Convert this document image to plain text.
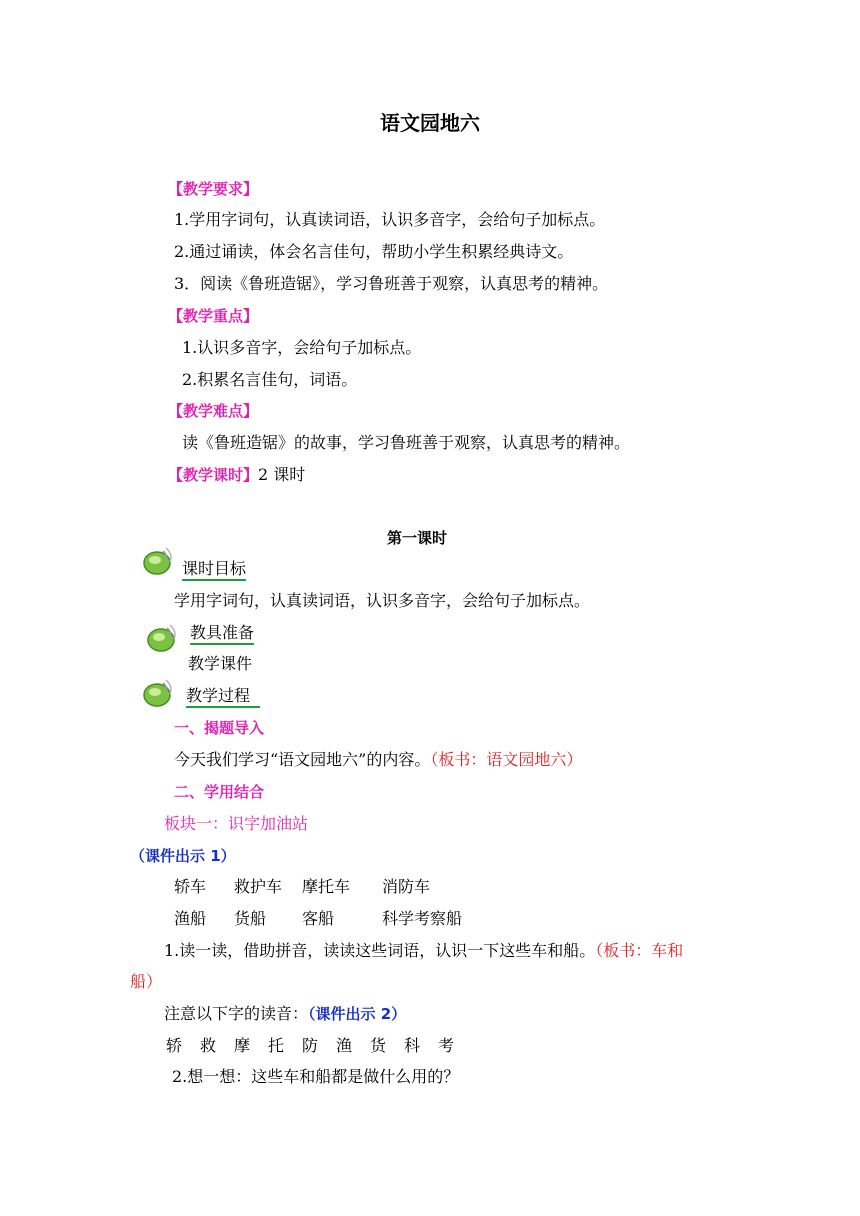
语文园地六
【教学要求】
1.学用字词句，认真读词语，认识多音字，会给句子加标点。
2.通过诵读，体会名言佳句，帮助小学生积累经典诗文。
3．阅读《鲁班造锯》，学习鲁班善于观察，认真思考的精神。
【教学重点】
1.认识多音字，会给句子加标点。
2.积累名言佳句，词语。
【教学难点】
读《鲁班造锯》的故事，学习鲁班善于观察，认真思考的精神。
【教学课时】2 课时
第一课时
课时目标
学用字词句，认真读词语，认识多音字，会给句子加标点。
教具准备
教学课件
教学过程
一、揭题导入
今天我们学习“语文园地六”的内容。（板书：语文园地六）
二、学用结合
板块一：识字加油站
（课件出示 1）
轿车 救护车 摩托车 消防车
渔船 货船 客船	科学考察船
1.读一读，借助拼音，读读这些词语，认识一下这些车和船。（板书：车和
船）
注意以下字的读音：（课件出示 2）
轿 救 摩 托 防 渔 货 科 考
2.想一想：这些车和船都是做什么用的？
